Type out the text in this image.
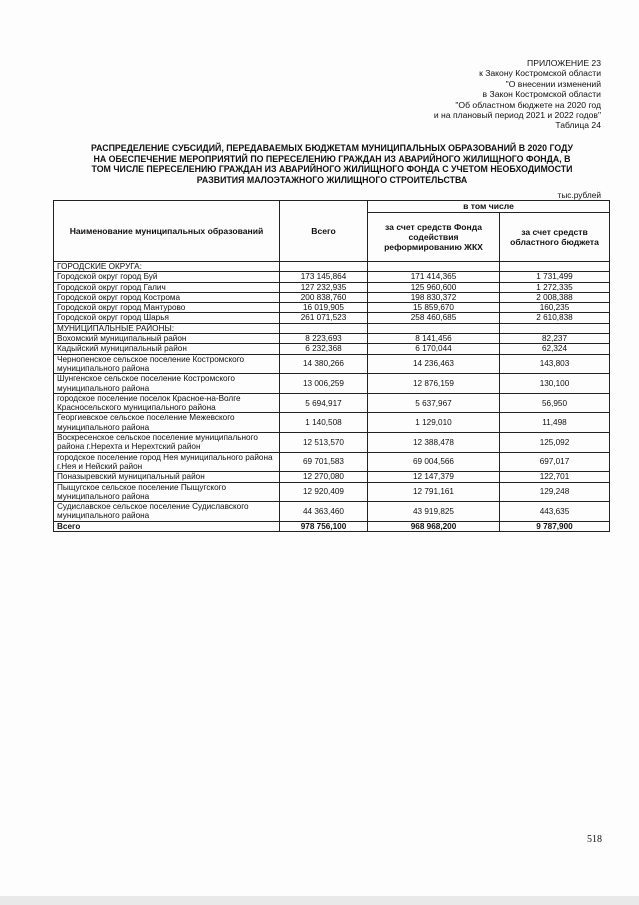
ПРИЛОЖЕНИЕ 23
к Закону Костромской области
"О внесении изменений
в Закон Костромской области
"Об областном бюджете на 2020 год
и на плановый период 2021 и 2022 годов"
Таблица 24
РАСПРЕДЕЛЕНИЕ СУБСИДИЙ, ПЕРЕДАВАЕМЫХ БЮДЖЕТАМ МУНИЦИПАЛЬНЫХ ОБРАЗОВАНИЙ В 2020 ГОДУ
НА ОБЕСПЕЧЕНИЕ МЕРОПРИЯТИЙ ПО ПЕРЕСЕЛЕНИЮ ГРАЖДАН ИЗ АВАРИЙНОГО ЖИЛИЩНОГО ФОНДА, В
ТОМ ЧИСЛЕ ПЕРЕСЕЛЕНИЮ ГРАЖДАН ИЗ АВАРИЙНОГО ЖИЛИЩНОГО ФОНДА С УЧЕТОМ НЕОБХОДИМОСТИ
РАЗВИТИЯ МАЛОЭТАЖНОГО ЖИЛИЩНОГО СТРОИТЕЛЬСТВА
тыс.рублей
Наименование муниципальных образований	Всего	в том числе	
		за счет средств Фонда содействия реформированию ЖКХ	за счет средств областного бюджета
ГОРОДСКИЕ ОКРУГА:			
Городской округ город Буй	173 145,864	171 414,365	1 731,499
Городской округ город Галич	127 232,935	125 960,600	1 272,335
Городской округ город Кострома	200 838,760	198 830,372	2 008,388
Городской округ город Мантурово	16 019,905	15 859,670	160,235
Городской округ город Шарья	261 071,523	258 460,685	2 610,838
МУНИЦИПАЛЬНЫЕ РАЙОНЫ:			
Вохомский муниципальный район	8 223,693	8 141,456	82,237
Кадыйский муниципальный район	6 232,368	6 170,044	62,324
Чернопенское сельское поселение Костромского муниципального района	14 380,266	14 236,463	143,803
Шунгенское сельское поселение Костромского муниципального района	13 006,259	12 876,159	130,100
городское поселение поселок Красное-на-Волге Красносельского муниципального района	5 694,917	5 637,967	56,950
Георгиевское сельское поселение Межевского муниципального района	1 140,508	1 129,010	11,498
Воскресенское сельское поселение муниципального района г.Нерехта и Нерехтский район	12 513,570	12 388,478	125,092
городское поселение город Нея муниципального района г.Нея и Нейский район	69 701,583	69 004,566	697,017
Поназыревский муниципальный район	12 270,080	12 147,379	122,701
Пыщугское сельское поселение Пыщугского муниципального района	12 920,409	12 791,161	129,248
Судиславское сельское поселение Судиславского муниципального района	44 363,460	43 919,825	443,635
Всего	978 756,100	968 968,200	9 787,900
518
